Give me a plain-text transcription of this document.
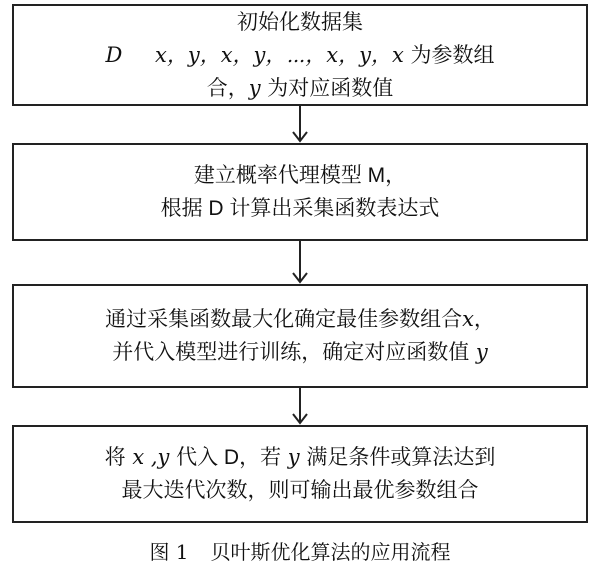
初始化数据集
D x，y，x，y，⋯，x，y，x 为参数组
合，y 为对应函数值
建立概率代理模型 M，
根据 D 计算出采集函数表达式
通过采集函数最大化确定最佳参数组合x，
并代入模型进行训练，确定对应函数值 y
将 x ,y 代入 D，若 y 满足条件或算法达到
最大迭代次数，则可输出最优参数组合
图 1 贝叶斯优化算法的应用流程
